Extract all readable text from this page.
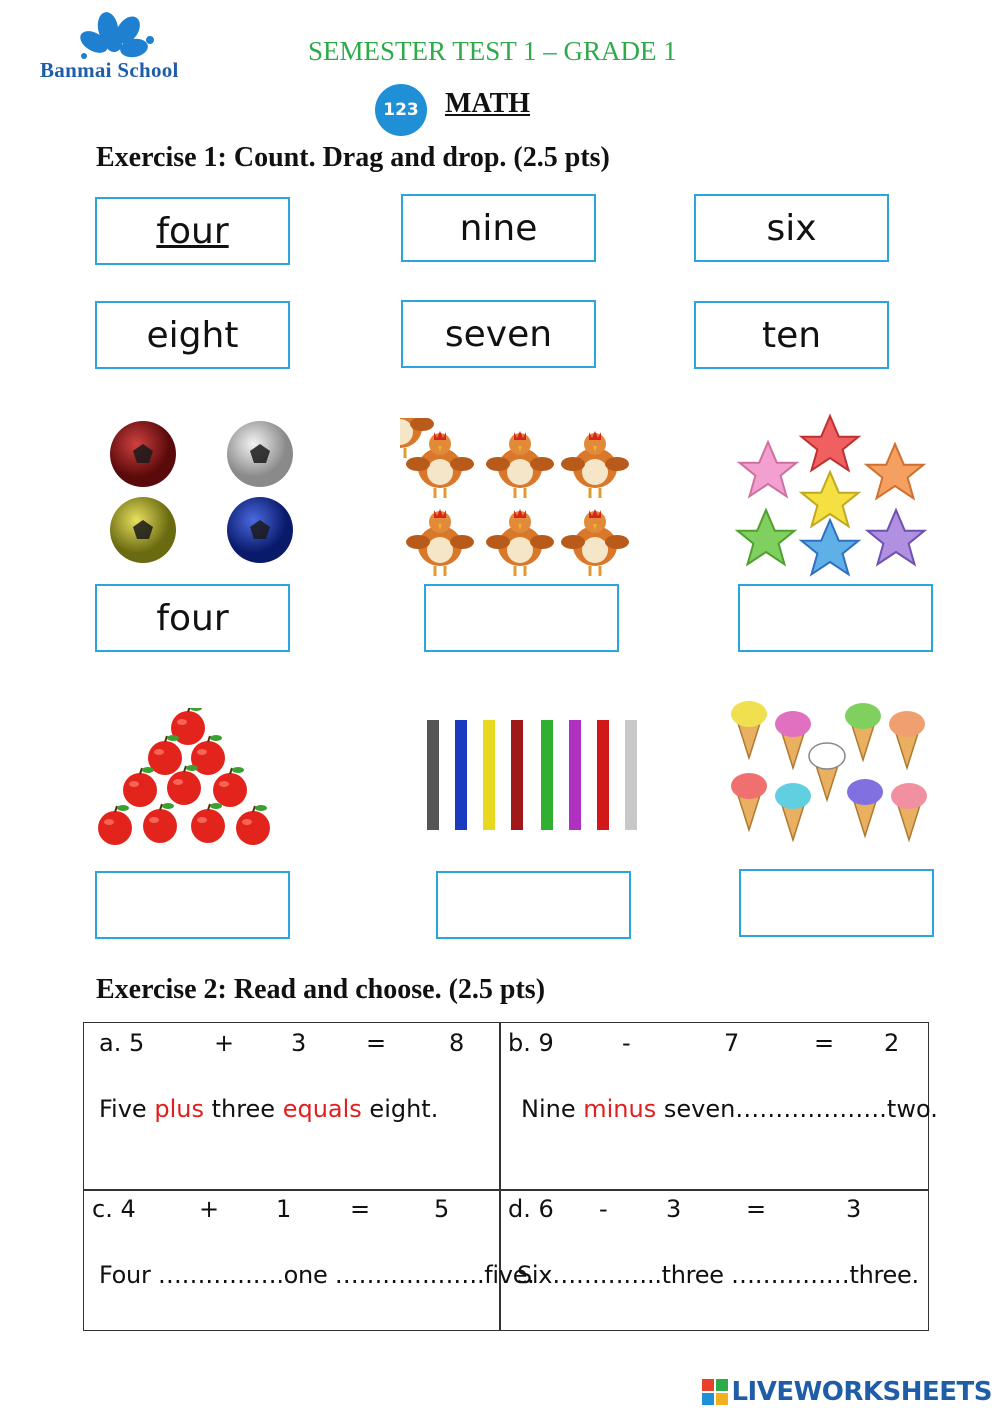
Banmai School
SEMESTER TEST 1 – GRADE 1
123 MATH
Exercise 1: Count. Drag and drop. (2.5 pts)
four	nine	six
eight	seven	ten
four
Exercise 2: Read and choose. (2.5 pts)
a. 5	+ 3 =	8
Five plus three equals eight.
b. 9	-	7	= 2
Nine minus seven……………….two.
c. 4	+ 1 =	5
Four …………….one ……………….five.
d. 6 - 3	=	3
Six…………..three ……………three.
LIVEWORKSHEETS
